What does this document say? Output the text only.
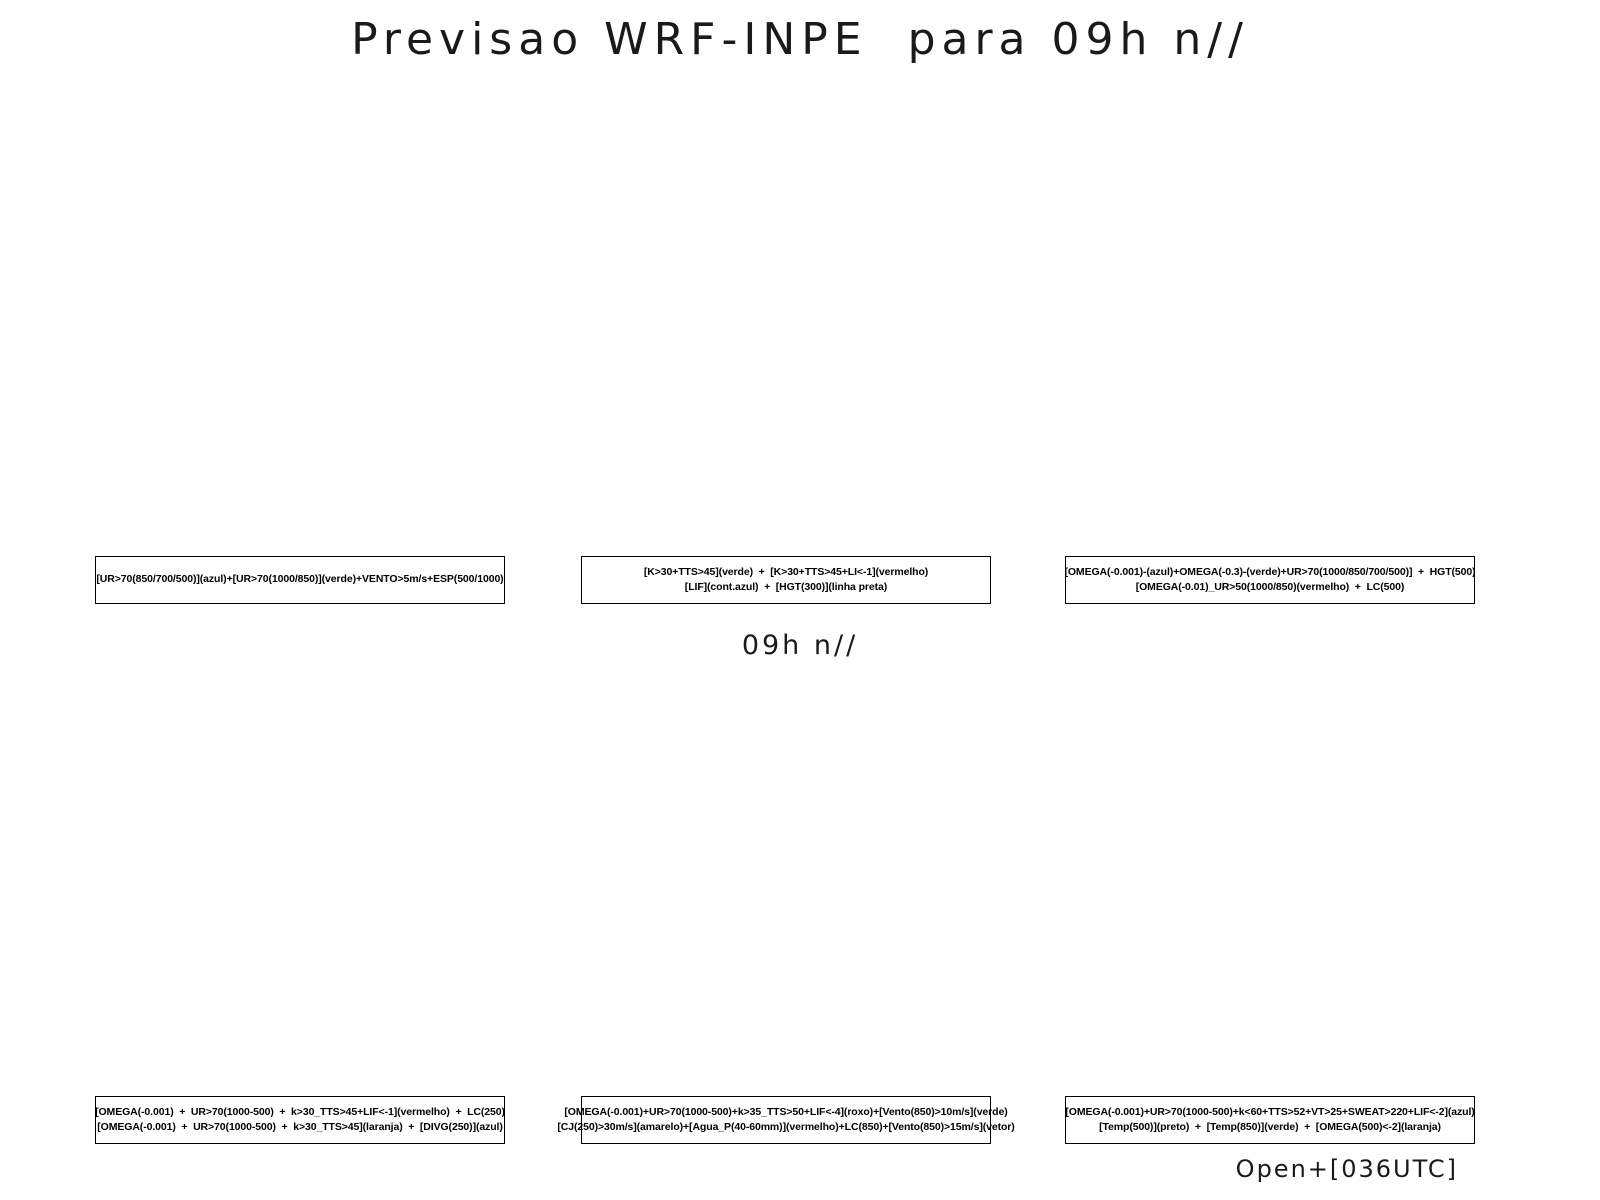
Previsao WRF-INPE  para 09h n//
09h n//
[UR>70(850/700/500)](azul)+[UR>70(1000/850)](verde)+VENTO>5m/s+ESP(500/1000)
[K>30+TTS>45](verde)  +  [K>30+TTS>45+LI<-1](vermelho)
[LIF](cont.azul)  +  [HGT(300)](linha preta)
[OMEGA(-0.001)-(azul)+OMEGA(-0.3)-(verde)+UR>70(1000/850/700/500)]  +  HGT(500)
[OMEGA(-0.01)_UR>50(1000/850)(vermelho)  +  LC(500)
[OMEGA(-0.001)  +  UR>70(1000-500)  +  k>30_TTS>45+LIF<-1](vermelho)  +  LC(250)
[OMEGA(-0.001)  +  UR>70(1000-500)  +  k>30_TTS>45](laranja)  +  [DIVG(250)](azul)
[OMEGA(-0.001)+UR>70(1000-500)+k>35_TTS>50+LIF<-4](roxo)+[Vento(850)>10m/s](verde)
[CJ(250)>30m/s](amarelo)+[Agua_P(40-60mm)](vermelho)+LC(850)+[Vento(850)>15m/s](vetor)
[OMEGA(-0.001)+UR>70(1000-500)+k<60+TTS>52+VT>25+SWEAT>220+LIF<-2](azul)
[Temp(500)](preto)  +  [Temp(850)](verde)  +  [OMEGA(500)<-2](laranja)
Open+[036UTC]
